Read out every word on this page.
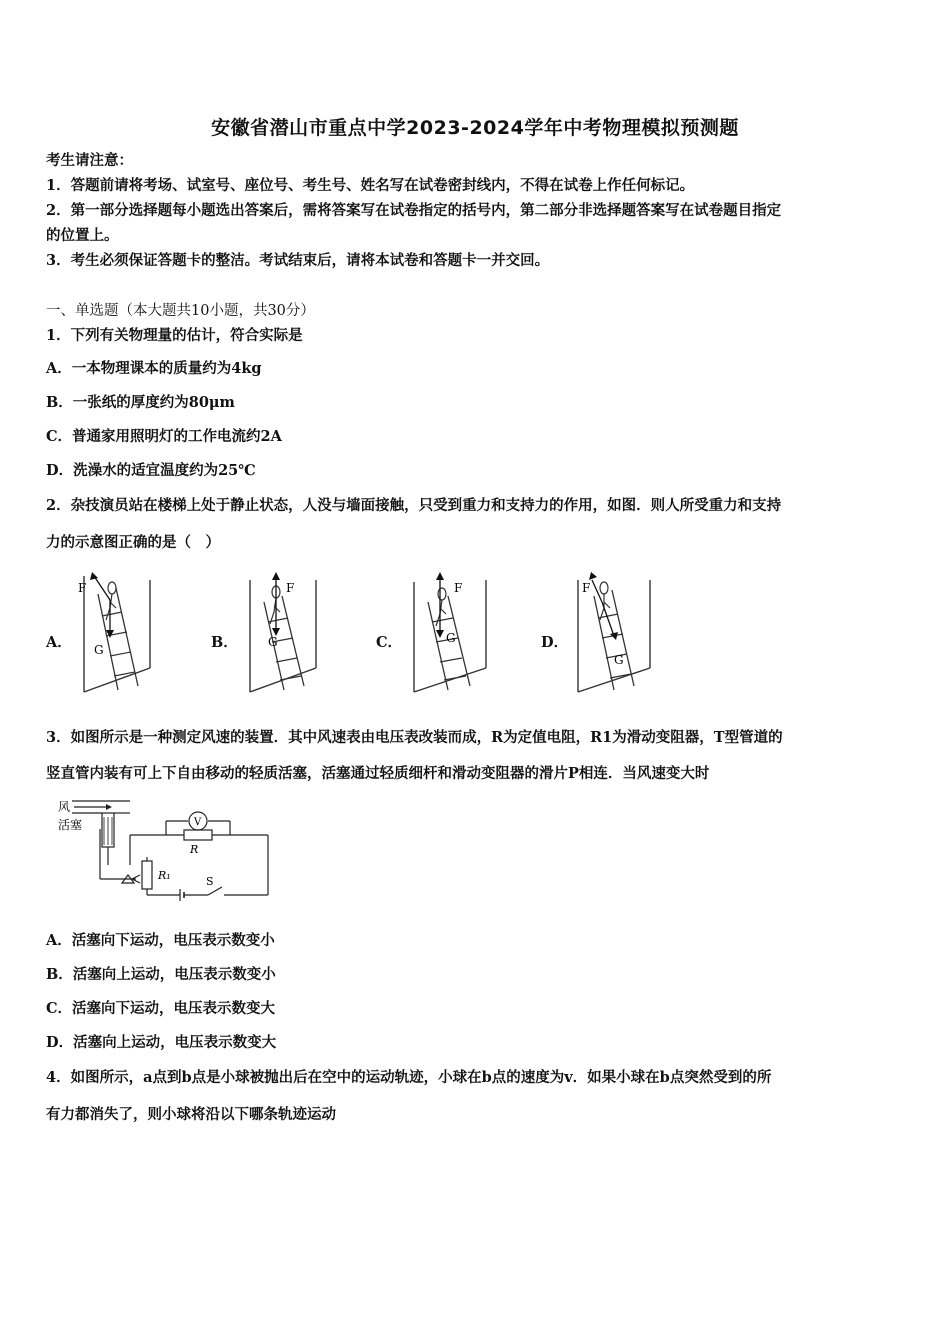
安徽省潜山市重点中学2023-2024学年中考物理模拟预测题
考生请注意：
1．答题前请将考场、试室号、座位号、考生号、姓名写在试卷密封线内，不得在试卷上作任何标记。
2．第一部分选择题每小题选出答案后，需将答案写在试卷指定的括号内，第二部分非选择题答案写在试卷题目指定
的位置上。
3．考生必须保证答题卡的整洁。考试结束后，请将本试卷和答题卡一并交回。
一、单选题（本大题共10小题，共30分）
1．下列有关物理量的估计，符合实际是
A．一本物理课本的质量约为4kg
B．一张纸的厚度约为80μm
C．普通家用照明灯的工作电流约2A
D．洗澡水的适宜温度约为25℃
2．杂技演员站在楼梯上处于静止状态，人没与墙面接触，只受到重力和支持力的作用，如图．则人所受重力和支持
力的示意图正确的是（　）
A．
F
G	B．
F
G	C．
F
G	D．
F
G
3．如图所示是一种测定风速的装置．其中风速表由电压表改装而成，R为定值电阻，R1为滑动变阻器，T型管道的
竖直管内装有可上下自由移动的轻质活塞，活塞通过轻质细杆和滑动变阻器的滑片P相连．当风速变大时
风
活塞	V
R
R₁	S
A．活塞向下运动，电压表示数变小
B．活塞向上运动，电压表示数变小
C．活塞向下运动，电压表示数变大
D．活塞向上运动，电压表示数变大
4．如图所示，a点到b点是小球被抛出后在空中的运动轨迹，小球在b点的速度为v．如果小球在b点突然受到的所
有力都消失了，则小球将沿以下哪条轨迹运动
